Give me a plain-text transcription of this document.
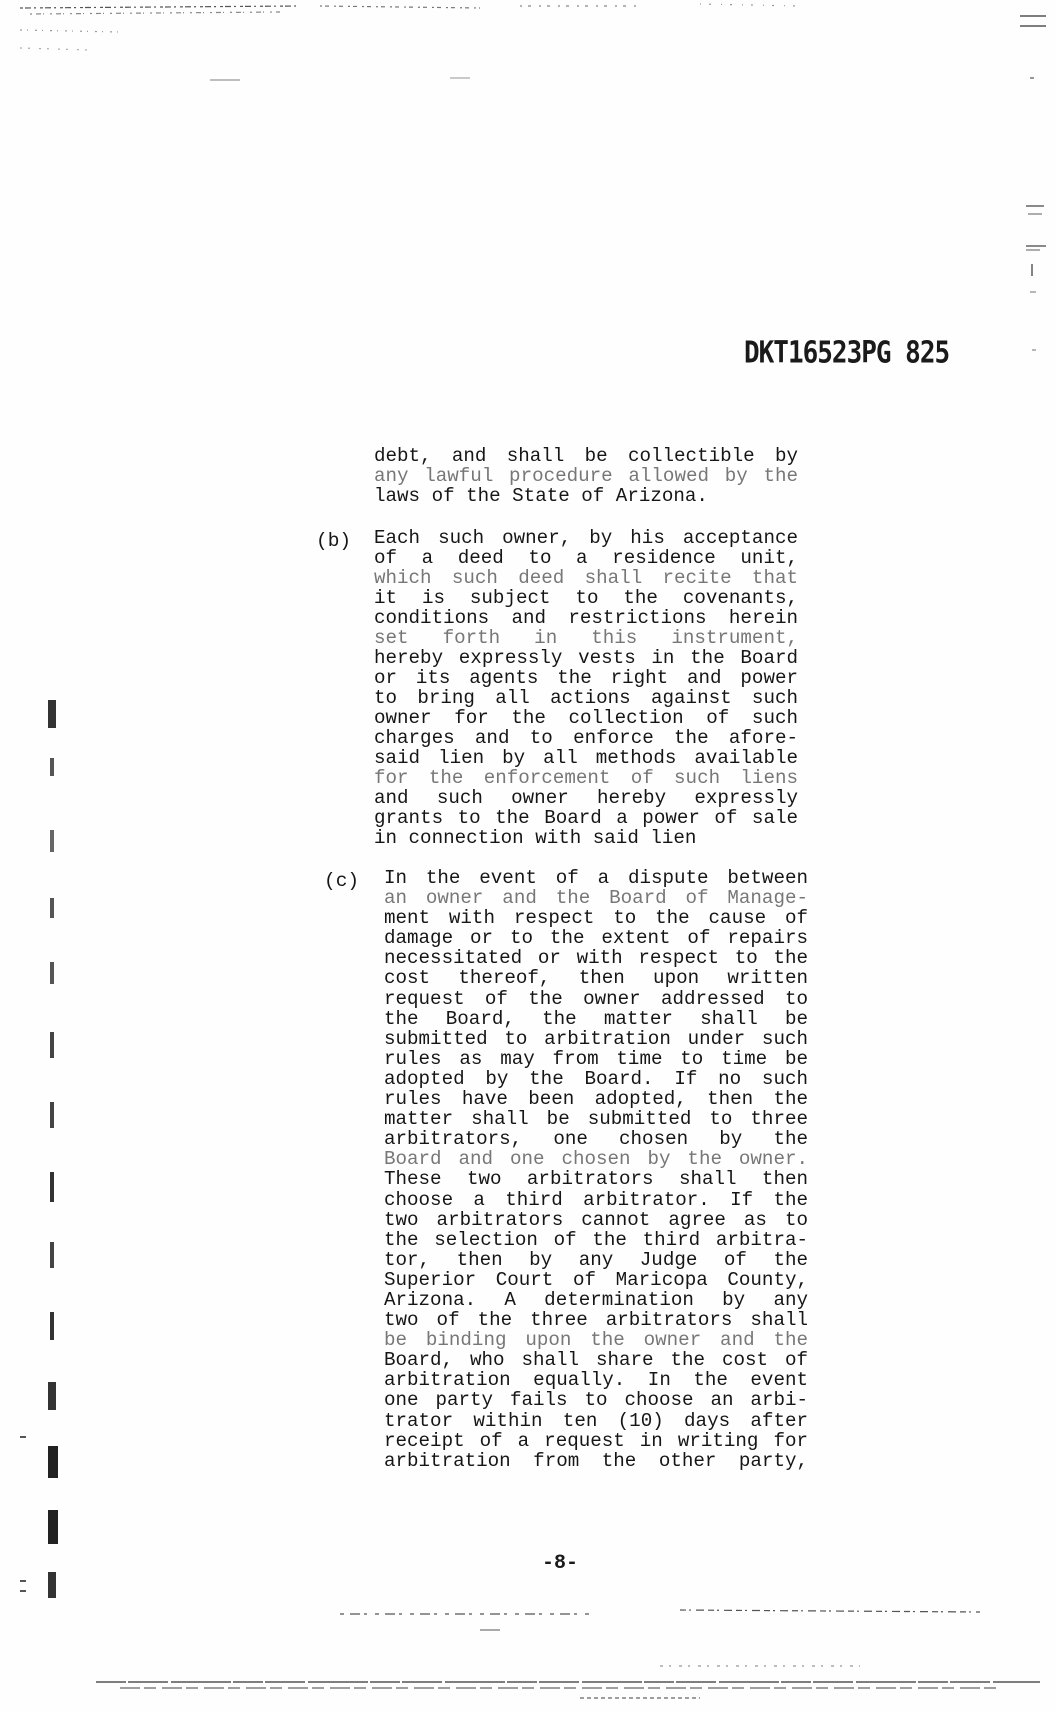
DKT16523PG 825
debt, and shall be collectible by
any lawful procedure allowed by the
laws of the State of Arizona.
(b) Each such owner, by his acceptance
of a deed to a residence unit,
which such deed shall recite that
it is subject to the covenants,
conditions and restrictions herein
set forth in this instrument,
hereby expressly vests in the Board
or its agents the right and power
to bring all actions against such
owner for the collection of such
charges and to enforce the afore-
said lien by all methods available
for the enforcement of such liens
and such owner hereby expressly
grants to the Board a power of sale
in connection with said lien
(c) In the event of a dispute between
an owner and the Board of Manage-
ment with respect to the cause of
damage or to the extent of repairs
necessitated or with respect to the
cost thereof, then upon written
request of the owner addressed to
the Board, the matter shall be
submitted to arbitration under such
rules as may from time to time be
adopted by the Board. If no such
rules have been adopted, then the
matter shall be submitted to three
arbitrators, one chosen by the
Board and one chosen by the owner.
These two arbitrators shall then
choose a third arbitrator. If the
two arbitrators cannot agree as to
the selection of the third arbitra-
tor, then by any Judge of the
Superior Court of Maricopa County,
Arizona. A determination by any
two of the three arbitrators shall
be binding upon the owner and the
Board, who shall share the cost of
arbitration equally. In the event
one party fails to choose an arbi-
trator within ten (10) days after
receipt of a request in writing for
arbitration from the other party,
-8-
